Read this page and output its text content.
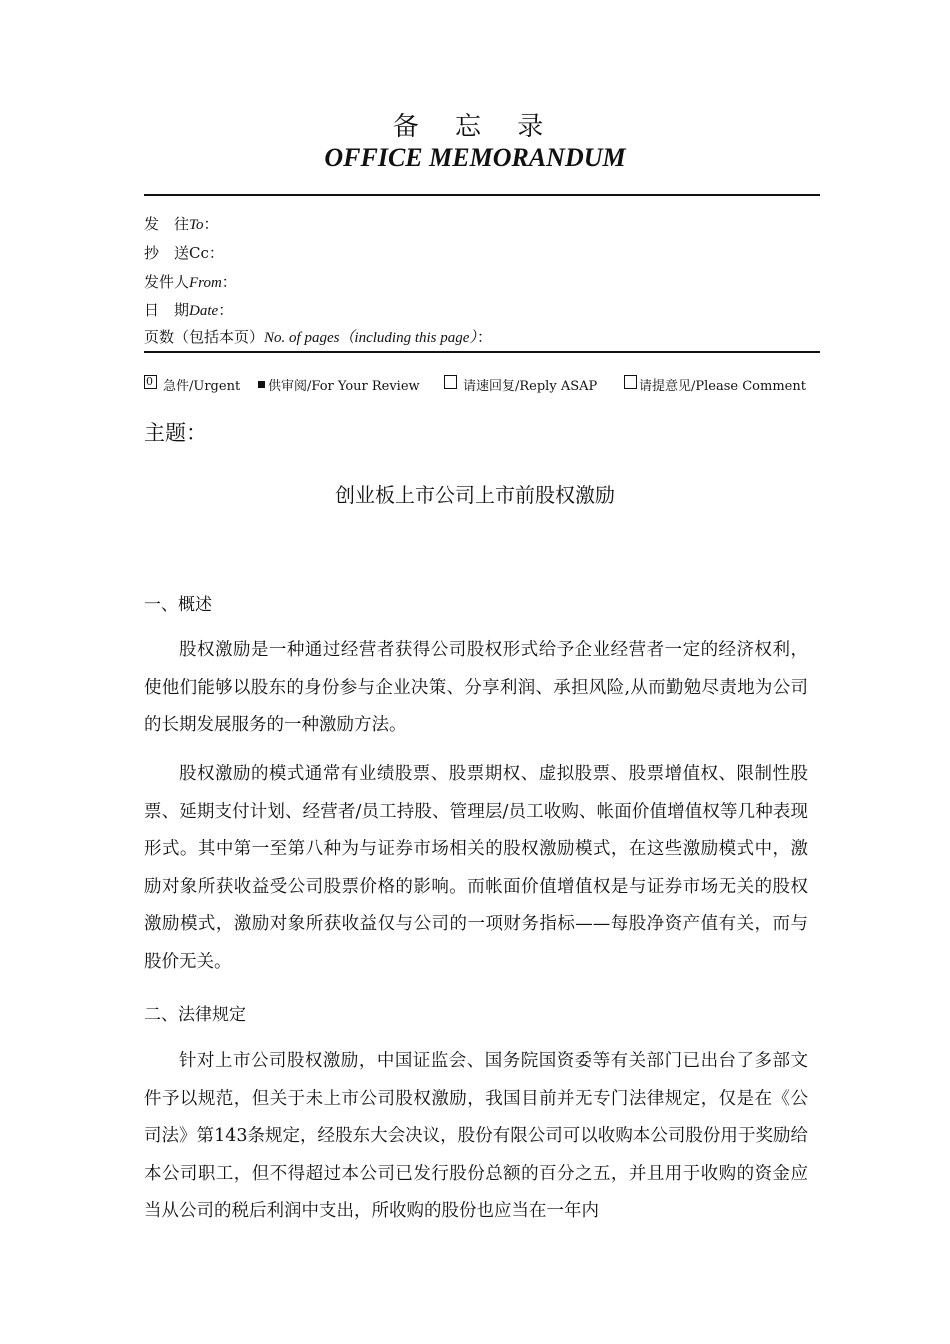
备 忘 录
OFFICE MEMORANDUM
发　往To：
抄　送Cc：
发件人From：
日　期Date：
页数（包括本页）No. of pages（including this page）：
0 急件/Urgent 供审阅/For Your Review	请速回复/Reply ASAP	请提意见/Please Comment
主题：
创业板上市公司上市前股权激励
一、概述
股权激励是一种通过经营者获得公司股权形式给予企业经营者一定的经济权利，使他们能够以股东的身份参与企业决策、分享利润、承担风险,从而勤勉尽责地为公司的长期发展服务的一种激励方法。
股权激励的模式通常有业绩股票、股票期权、虚拟股票、股票增值权、限制性股票、延期支付计划、经营者/员工持股、管理层/员工收购、帐面价值增值权等几种表现形式。其中第一至第八种为与证券市场相关的股权激励模式，在这些激励模式中，激励对象所获收益受公司股票价格的影响。而帐面价值增值权是与证券市场无关的股权激励模式，激励对象所获收益仅与公司的一项财务指标——每股净资产值有关，而与股价无关。
二、法律规定
针对上市公司股权激励，中国证监会、国务院国资委等有关部门已出台了多部文件予以规范，但关于未上市公司股权激励，我国目前并无专门法律规定，仅是在《公司法》第143条规定，经股东大会决议，股份有限公司可以收购本公司股份用于奖励给本公司职工，但不得超过本公司已发行股份总额的百分之五，并且用于收购的资金应当从公司的税后利润中支出，所收购的股份也应当在一年内
